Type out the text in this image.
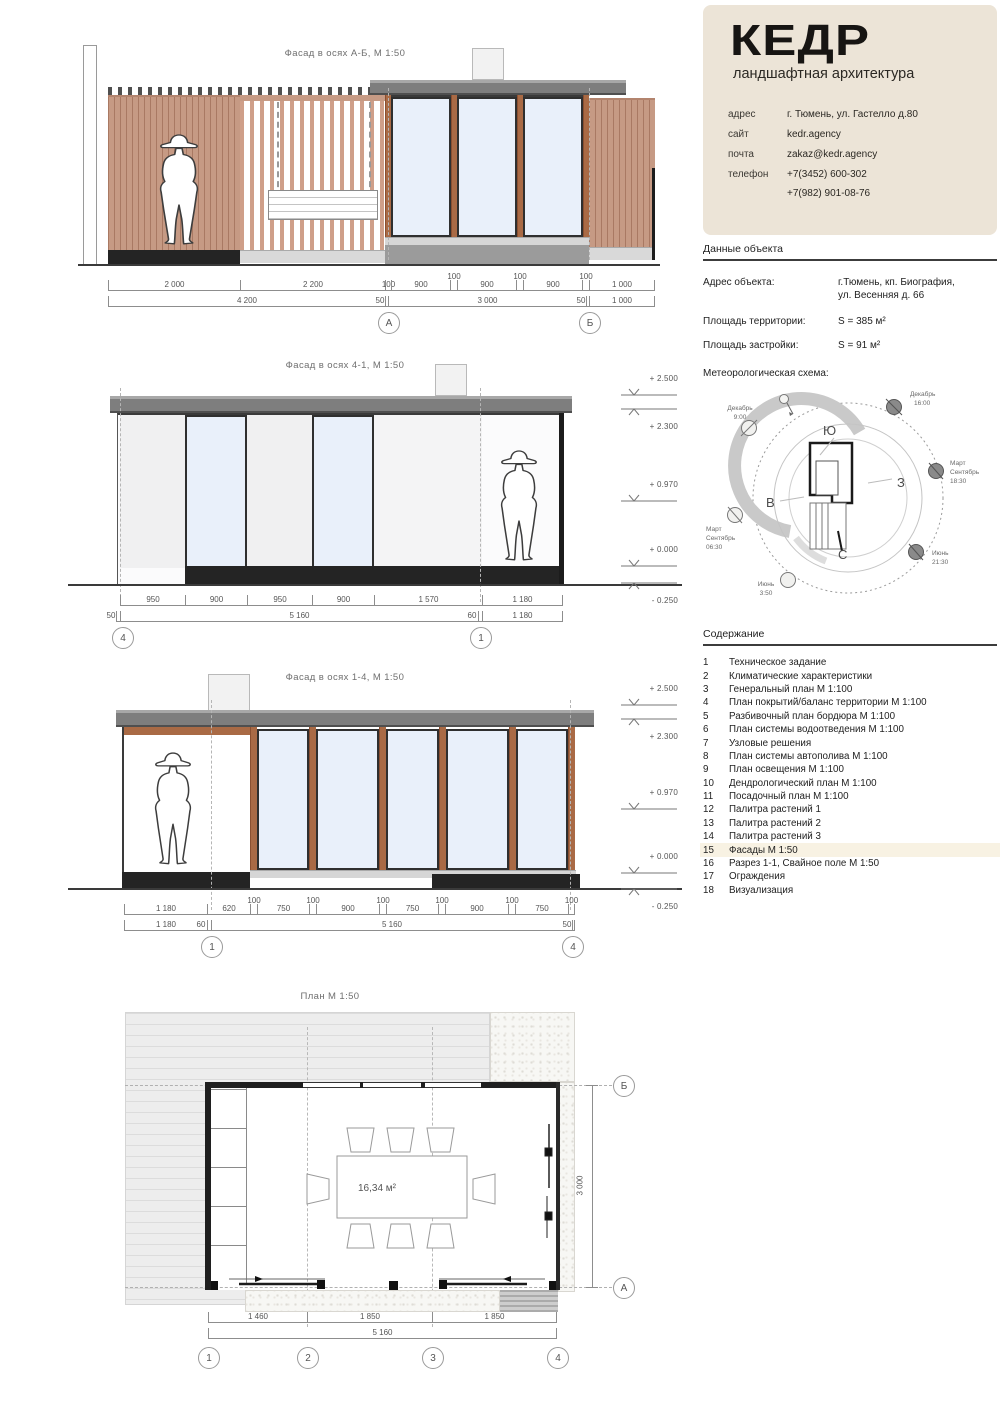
КЕДР
ландшафтная архитектура
адрес	г. Тюмень, ул. Гастелло д.80
сайт	kedr.agency
почта	zakaz@kedr.agency
телефон +7(3452) 600-302
+7(982) 901-08-76
Данные объекта
Адрес объекта:	г.Тюмень, кп. Биография,
ул. Весенняя д. 66
Площадь территории:	S = 385 м²
Площадь застройки:	S = 91 м²
Метеорологическая схема:
Ю
З
В
С
Декабрь
9:00
Декабрь
16:00
Март
Сентябрь
18:30
Июнь
21:30
Июнь
3:50
Март
Сентябрь
06:30
Содержание
1	Техническое задание
2	Климатические характеристики
3	Генеральный план М 1:100
4	План покрытий/баланс территории М 1:100
5	Разбивочный план бордюра М 1:100
6	План системы водоотведения М 1:100
7	Узловые решения
8	План системы автополива М 1:100
9	План освещения М 1:100
10	Дендрологический план М 1:100
11	Посадочный план М 1:100
12	Палитра растений 1
13	Палитра растений 2
14	Палитра растений 3
15	Фасады М 1:50
16	Разрез 1-1, Свайное поле М 1:50
17	Ограждения
18	Визуализация
Фасад в осях А-Б, М 1:50
2 000	2 200	100 900
100
900
100
900
100
1 000
4 200	50	3 000	50	1 000
А	Б
Фасад в осях 4-1, М 1:50
950	900	950	900	1 570	1 180
50	5 160	60	1 180
4	1
+ 2.500
+ 2.300
+ 0.970
+ 0.000
- 0.250
Фасад в осях 1-4, М 1:50
1 180	620
100
750
100
900
100
750
100
900
100
750
100
1 180	60	5 160	50
1	4
+ 2.500
+ 2.300
+ 0.970
+ 0.000
- 0.250
План М 1:50
16,34 м²
Б
А
3 000
1 460	1 850	1 850
5 160
1	2	3	4
